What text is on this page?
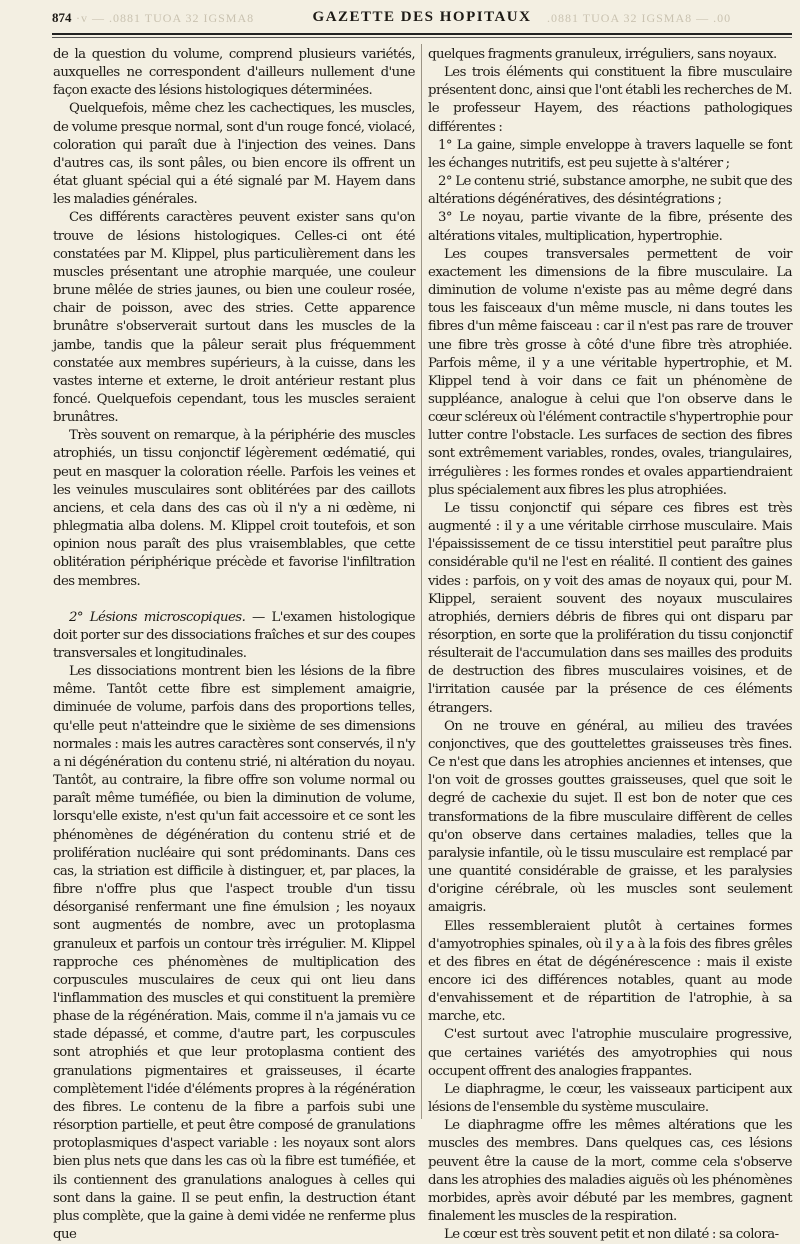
·v — .0881 TUOA 32 IGSMA8
874	GAZETTE DES HOPITAUX	.0881 TUOA 32 IGSMA8 — .00

de la question du volume, comprend plusieurs variétés, auxquelles ne correspondent d'ailleurs nullement d'une façon exacte des lésions histologiques déterminées.

Quelquefois, même chez les cachectiques, les muscles, de volume presque normal, sont d'un rouge foncé, violacé, coloration qui paraît due à l'injection des veines. Dans d'autres cas, ils sont pâles, ou bien encore ils offrent un état gluant spécial qui a été signalé par M. Hayem dans les maladies générales.

Ces différents caractères peuvent exister sans qu'on trouve de lésions histologiques. Celles-ci ont été constatées par M. Klippel, plus particulièrement dans les muscles présentant une atrophie marquée, une couleur brune mêlée de stries jaunes, ou bien une couleur rosée, chair de poisson, avec des stries. Cette apparence brunâtre s'observerait surtout dans les muscles de la jambe, tandis que la pâleur serait plus fréquemment constatée aux membres supérieurs, à la cuisse, dans les vastes interne et externe, le droit antérieur restant plus foncé. Quelquefois cependant, tous les muscles seraient brunâtres.

Très souvent on remarque, à la périphérie des muscles atrophiés, un tissu conjonctif légèrement œdématié, qui peut en masquer la coloration réelle. Parfois les veines et les veinules musculaires sont oblitérées par des caillots anciens, et cela dans des cas où il n'y a ni œdème, ni phlegmatia alba dolens. M. Klippel croit toutefois, et son opinion nous paraît des plus vraisemblables, que cette oblitération périphérique précède et favorise l'infiltration des membres.

2° Lésions microscopiques. — L'examen histologique doit porter sur des dissociations fraîches et sur des coupes transversales et longitudinales.

Les dissociations montrent bien les lésions de la fibre même. Tantôt cette fibre est simplement amaigrie, diminuée de volume, parfois dans des proportions telles, qu'elle peut n'atteindre que le sixième de ses dimensions normales : mais les autres caractères sont conservés, il n'y a ni dégénération du contenu strié, ni altération du noyau. Tantôt, au contraire, la fibre offre son volume normal ou paraît même tuméfiée, ou bien la diminution de volume, lorsqu'elle existe, n'est qu'un fait accessoire et ce sont les phénomènes de dégénération du contenu strié et de prolifération nucléaire qui sont prédominants. Dans ces cas, la striation est difficile à distinguer, et, par places, la fibre n'offre plus que l'aspect trouble d'un tissu désorganisé renfermant une fine émulsion ; les noyaux sont augmentés de nombre, avec un protoplasma granuleux et parfois un contour très irrégulier. M. Klippel rapproche ces phénomènes de multiplication des corpuscules musculaires de ceux qui ont lieu dans l'inflammation des muscles et qui constituent la première phase de la régénération. Mais, comme il n'a jamais vu ce stade dépassé, et comme, d'autre part, les corpuscules sont atrophiés et que leur protoplasma contient des granulations pigmentaires et graisseuses, il écarte complètement l'idée d'éléments propres à la régénération des fibres. Le contenu de la fibre a parfois subi une résorption partielle, et peut être composé de granulations protoplasmiques d'aspect variable : les noyaux sont alors bien plus nets que dans les cas où la fibre est tuméfiée, et ils contiennent des granulations analogues à celles qui sont dans la gaine. Il se peut enfin, la destruction étant plus complète, que la gaine à demi vidée ne renferme plus que

quelques fragments granuleux, irréguliers, sans noyaux.

Les trois éléments qui constituent la fibre musculaire présentent donc, ainsi que l'ont établi les recherches de M. le professeur Hayem, des réactions pathologiques différentes :

1° La gaine, simple enveloppe à travers laquelle se font les échanges nutritifs, est peu sujette à s'altérer ;

2° Le contenu strié, substance amorphe, ne subit que des altérations dégénératives, des désintégrations ;

3° Le noyau, partie vivante de la fibre, présente des altérations vitales, multiplication, hypertrophie.

Les coupes transversales permettent de voir exactement les dimensions de la fibre musculaire. La diminution de volume n'existe pas au même degré dans tous les faisceaux d'un même muscle, ni dans toutes les fibres d'un même faisceau : car il n'est pas rare de trouver une fibre très grosse à côté d'une fibre très atrophiée. Parfois même, il y a une véritable hypertrophie, et M. Klippel tend à voir dans ce fait un phénomène de suppléance, analogue à celui que l'on observe dans le cœur scléreux où l'élément contractile s'hypertrophie pour lutter contre l'obstacle. Les surfaces de section des fibres sont extrêmement variables, rondes, ovales, triangulaires, irrégulières : les formes rondes et ovales appartiendraient plus spécialement aux fibres les plus atrophiées.

Le tissu conjonctif qui sépare ces fibres est très augmenté : il y a une véritable cirrhose musculaire. Mais l'épaississement de ce tissu interstitiel peut paraître plus considérable qu'il ne l'est en réalité. Il contient des gaines vides : parfois, on y voit des amas de noyaux qui, pour M. Klippel, seraient souvent des noyaux musculaires atrophiés, derniers débris de fibres qui ont disparu par résorption, en sorte que la prolifération du tissu conjonctif résulterait de l'accumulation dans ses mailles des produits de destruction des fibres musculaires voisines, et de l'irritation causée par la présence de ces éléments étrangers.

On ne trouve en général, au milieu des travées conjonctives, que des gouttelettes graisseuses très fines. Ce n'est que dans les atrophies anciennes et intenses, que l'on voit de grosses gouttes graisseuses, quel que soit le degré de cachexie du sujet. Il est bon de noter que ces transformations de la fibre musculaire diffèrent de celles qu'on observe dans certaines maladies, telles que la paralysie infantile, où le tissu musculaire est remplacé par une quantité considérable de graisse, et les paralysies d'origine cérébrale, où les muscles sont seulement amaigris.

Elles ressembleraient plutôt à certaines formes d'amyotrophies spinales, où il y a à la fois des fibres grêles et des fibres en état de dégénérescence : mais il existe encore ici des différences notables, quant au mode d'envahissement et de répartition de l'atrophie, à sa marche, etc.

C'est surtout avec l'atrophie musculaire progressive, que certaines variétés des amyotrophies qui nous occupent offrent des analogies frappantes.

Le diaphragme, le cœur, les vaisseaux participent aux lésions de l'ensemble du système musculaire.

Le diaphragme offre les mêmes altérations que les muscles des membres. Dans quelques cas, ces lésions peuvent être la cause de la mort, comme cela s'observe dans les atrophies des maladies aiguës où les phénomènes morbides, après avoir débuté par les membres, gagnent finalement les muscles de la respiration.

Le cœur est très souvent petit et non dilaté : sa colora-
